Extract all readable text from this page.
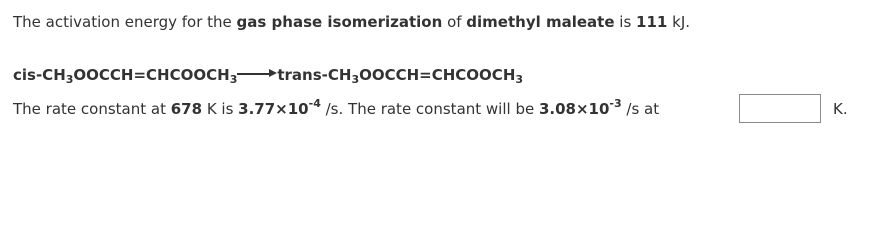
The activation energy for the gas phase isomerization of dimethyl maleate is 111 kJ.
cis-$CH_3OOCCH=CHCOOCH_3$	trans-$CH_3OOCCH=CHCOOCH_3$
The rate constant at 678 K is $3.77\times 10^{-4}$ /s. The rate constant will be $3.08\times 10^{-3}$ /s at	K.
